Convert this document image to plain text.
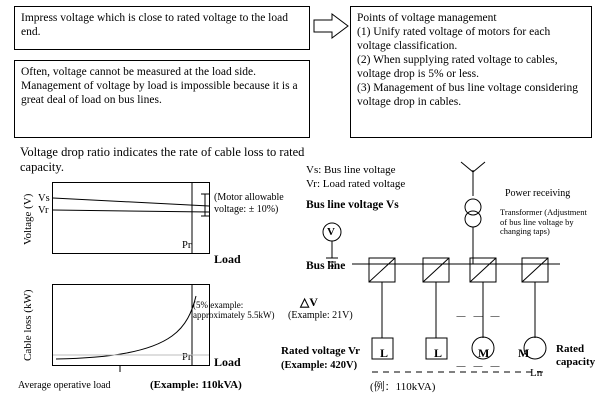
Impress voltage which is close to rated voltage to the load end.
Often, voltage cannot be measured at the load side. Management of voltage by load is impossible because it is a great deal of load on bus lines.
Points of voltage management
(1) Unify rated voltage of motors for each voltage classification.
(2) When supplying rated voltage to cables, voltage drop is 5% or less.
(3) Management of bus line voltage considering voltage drop in cables.
Voltage drop ratio indicates the rate of cable loss to rated capacity.
Voltage (V)
Cable loss (kW)
Vs
Vr
Pr
Pr
Load
Load
(Motor allowable voltage: ± 10%)
(5% example: approximately 5.5kW)
Average operative load	(Example: 110kVA)
Vs: Bus line voltage
Vr: Load rated voltage
Bus line voltage Vs
Power receiving
Transformer (Adjustment of bus line voltage by changing taps)
Bus line
△V
(Example: 21V)
Rated voltage Vr
(Example: 420V)
Rated capacity
Ln
(例：110kVA)
L	L	M M
V
－ － －
－ － －
